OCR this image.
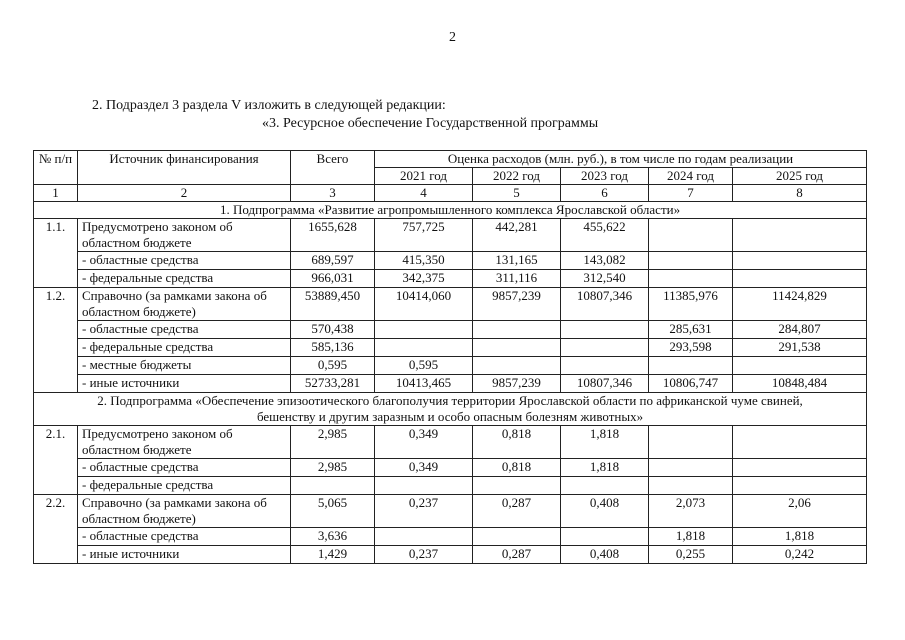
2
2. Подраздел 3 раздела V изложить в следующей редакции:
«3. Ресурсное обеспечение Государственной программы
№ п/п	Источник финансирования	Всего	Оценка расходов (млн. руб.), в том числе по годам реализации				
			2021 год	2022 год	2023 год	2024 год	2025 год
1	2	3	4	5	6	7	8
1. Подпрограмма «Развитие агропромышленного комплекса Ярославской области»							
1.1.	Предусмотрено законом об областном бюджете	1655,628	757,725	442,281	455,622		
	- областные средства	689,597	415,350	131,165	143,082		
	- федеральные средства	966,031	342,375	311,116	312,540		
1.2.	Справочно (за рамками закона об областном бюджете)	53889,450	10414,060	9857,239	10807,346	11385,976	11424,829
	- областные средства	570,438				285,631	284,807
	- федеральные средства	585,136				293,598	291,538
	- местные бюджеты	0,595	0,595				
	- иные источники	52733,281	10413,465	9857,239	10807,346	10806,747	10848,484
2. Подпрограмма «Обеспечение эпизоотического благополучия территории Ярославской области по африканской чуме свиней, бешенству и другим заразным и особо опасным болезням животных»							
2.1.	Предусмотрено законом об областном бюджете	2,985	0,349	0,818	1,818		
	- областные средства	2,985	0,349	0,818	1,818		
	- федеральные средства						
2.2.	Справочно (за рамками закона об областном бюджете)	5,065	0,237	0,287	0,408	2,073	2,06
	- областные средства	3,636				1,818	1,818
	- иные источники	1,429	0,237	0,287	0,408	0,255	0,242
